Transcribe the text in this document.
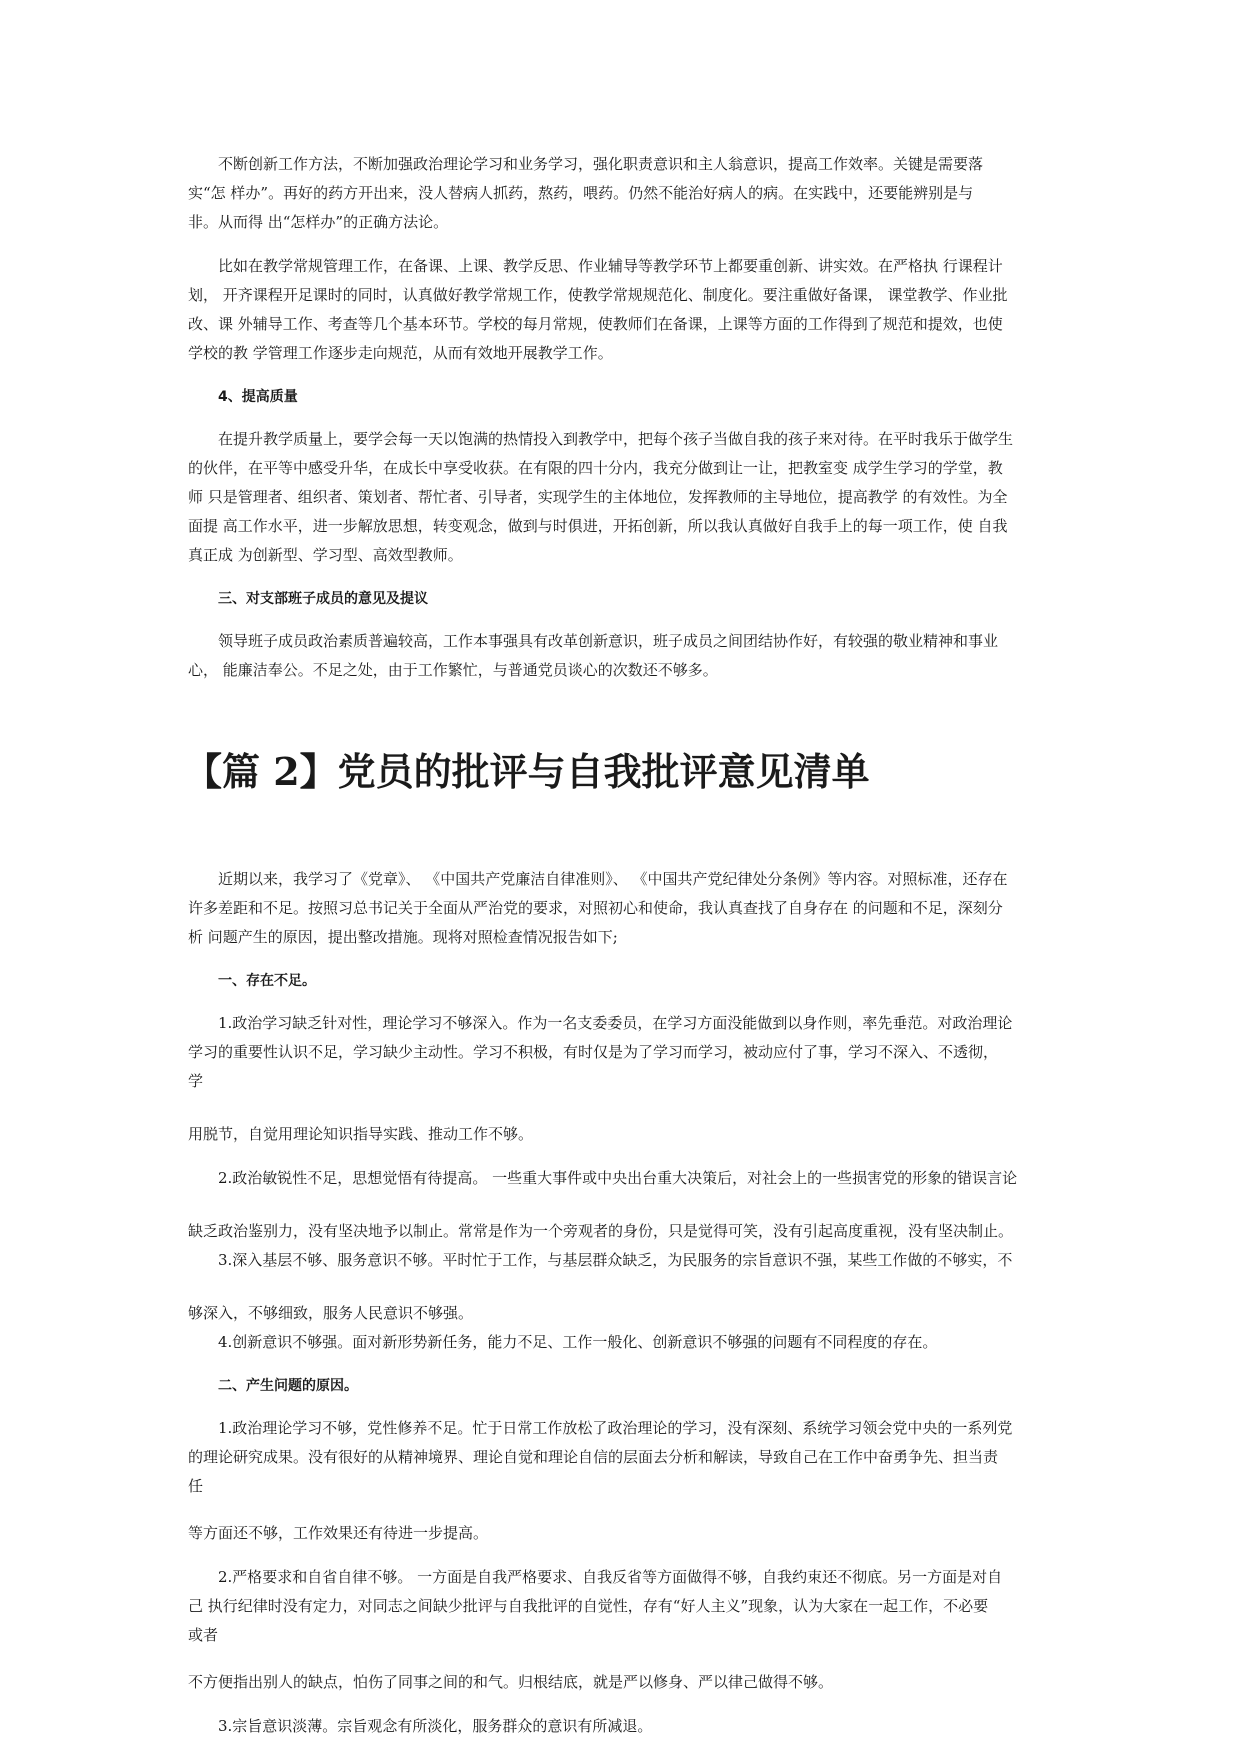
不断创新工作方法，不断加强政治理论学习和业务学习，强化职责意识和主人翁意识，提高工作效率。关键是需要落

实“怎 样办”。再好的药方开出来，没人替病人抓药，熬药，喂药。仍然不能治好病人的病。在实践中，还要能辨别是与

非。从而得 出“怎样办”的正确方法论。

比如在教学常规管理工作，在备课、上课、教学反思、作业辅导等教学环节上都要重创新、讲实效。在严格执 行课程计

划， 开齐课程开足课时的同时，认真做好教学常规工作，使教学常规规范化、制度化。要注重做好备课， 课堂教学、作业批

改、课 外辅导工作、考查等几个基本环节。学校的每月常规，使教师们在备课，上课等方面的工作得到了规范和提效，也使

学校的教 学管理工作逐步走向规范，从而有效地开展教学工作。

4、提高质量

在提升教学质量上，要学会每一天以饱满的热情投入到教学中，把每个孩子当做自我的孩子来对待。在平时我乐于做学生

的伙伴，在平等中感受升华，在成长中享受收获。在有限的四十分内，我充分做到让一让，把教室变 成学生学习的学堂，教

师 只是管理者、组织者、策划者、帮忙者、引导者，实现学生的主体地位，发挥教师的主导地位，提高教学 的有效性。为全

面提 高工作水平，进一步解放思想，转变观念，做到与时俱进，开拓创新，所以我认真做好自我手上的每一项工作，使 自我

真正成 为创新型、学习型、高效型教师。

三、对支部班子成员的意见及提议

领导班子成员政治素质普遍较高，工作本事强具有改革创新意识，班子成员之间团结协作好，有较强的敬业精神和事业

心， 能廉洁奉公。不足之处，由于工作繁忙，与普通党员谈心的次数还不够多。

【篇 2】党员的批评与自我批评意见清单

近期以来，我学习了《党章》、 《中国共产党廉洁自律准则》、 《中国共产党纪律处分条例》等内容。对照标准，还存在

许多差距和不足。按照习总书记关于全面从严治党的要求，对照初心和使命，我认真查找了自身存在 的问题和不足，深刻分

析 问题产生的原因，提出整改措施。现将对照检查情况报告如下;

一、存在不足。

1.政治学习缺乏针对性，理论学习不够深入。作为一名支委委员，在学习方面没能做到以身作则，率先垂范。对政治理论

学习的重要性认识不足，学习缺少主动性。学习不积极，有时仅是为了学习而学习，被动应付了事，学习不深入、不透彻，

学

用脱节，自觉用理论知识指导实践、推动工作不够。

2.政治敏锐性不足，思想觉悟有待提高。 一些重大事件或中央出台重大决策后，对社会上的一些损害党的形象的错误言论

缺乏政治鉴别力，没有坚决地予以制止。常常是作为一个旁观者的身份，只是觉得可笑，没有引起高度重视，没有坚决制止。

3.深入基层不够、服务意识不够。平时忙于工作，与基层群众缺乏，为民服务的宗旨意识不强，某些工作做的不够实，不

够深入，不够细致，服务人民意识不够强。

4.创新意识不够强。面对新形势新任务，能力不足、工作一般化、创新意识不够强的问题有不同程度的存在。

二、产生问题的原因。

1.政治理论学习不够，党性修养不足。忙于日常工作放松了政治理论的学习，没有深刻、系统学习领会党中央的一系列党

的理论研究成果。没有很好的从精神境界、理论自觉和理论自信的层面去分析和解读，导致自己在工作中奋勇争先、担当责

任

等方面还不够，工作效果还有待进一步提高。

2.严格要求和自省自律不够。 一方面是自我严格要求、自我反省等方面做得不够，自我约束还不彻底。另一方面是对自

己 执行纪律时没有定力，对同志之间缺少批评与自我批评的自觉性，存有“好人主义”现象，认为大家在一起工作，不必要

或者

不方便指出别人的缺点，怕伤了同事之间的和气。归根结底，就是严以修身、严以律己做得不够。

3.宗旨意识淡薄。宗旨观念有所淡化，服务群众的意识有所减退。
